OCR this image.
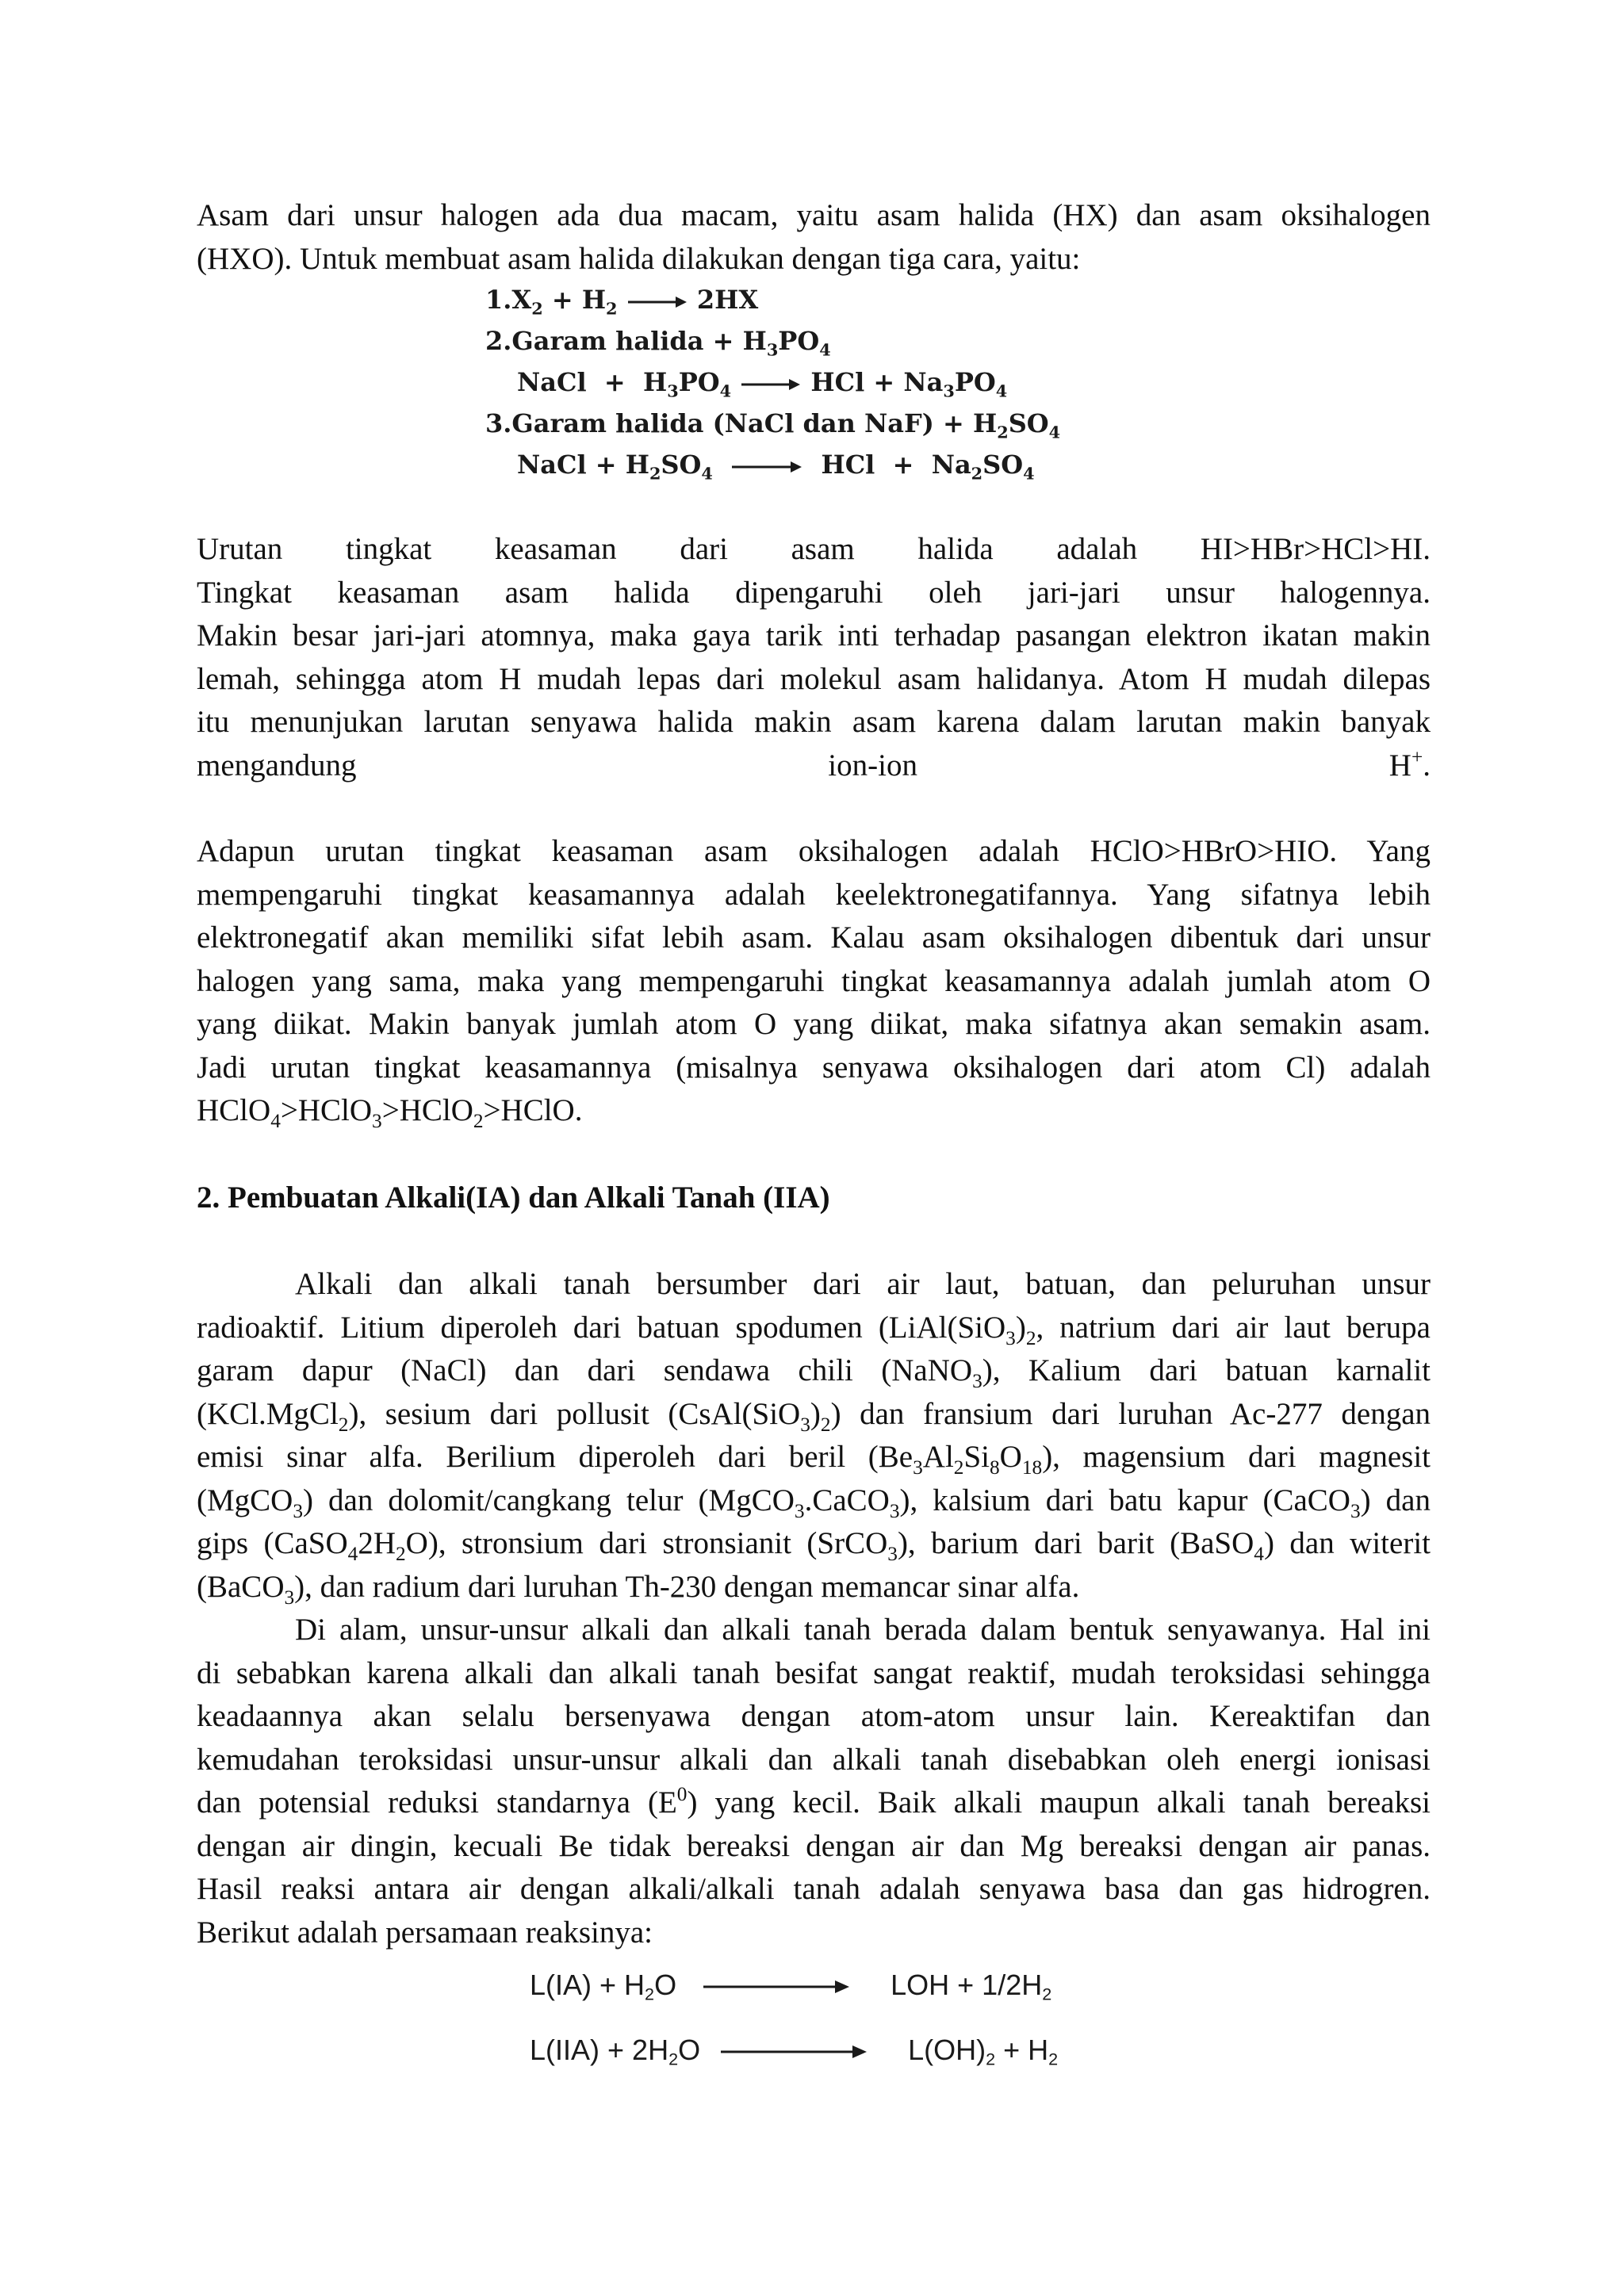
Asam dari unsur halogen ada dua macam, yaitu asam halida (HX) dan asam oksihalogen

(HXO). Untuk membuat asam halida dilakukan dengan tiga cara, yaitu:

$1.X_2 + H_2$	2HX
2.Garam halida + $H_3PO_4$
NaCl  +  $H_3PO_4$	HCl + $Na_3PO_4$
3.Garam halida (NaCl dan $NaF) + H_2SO_4$
NaCl + $H_2SO_4$	HCl  +  $Na_2SO_4$

Urutan tingkat keasaman dari asam halida adalah HI>HBr>HCl>HI.

Tingkat keasaman asam halida dipengaruhi oleh jari-jari unsur halogennya.

Makin besar jari-jari atomnya, maka gaya tarik inti terhadap pasangan elektron ikatan makin

lemah, sehingga atom H mudah lepas dari molekul asam halidanya. Atom H mudah dilepas

itu menunjukan larutan senyawa halida makin asam karena dalam larutan makin banyak

mengandung	ion-ion	H+.

Adapun urutan tingkat keasaman asam oksihalogen adalah HClO>HBrO>HIO. Yang

mempengaruhi tingkat keasamannya adalah keelektronegatifannya. Yang sifatnya lebih

elektronegatif akan memiliki sifat lebih asam. Kalau asam oksihalogen dibentuk dari unsur

halogen yang sama, maka yang mempengaruhi tingkat keasamannya adalah jumlah atom O

yang diikat. Makin banyak jumlah atom O yang diikat, maka sifatnya akan semakin asam.

Jadi urutan tingkat keasamannya (misalnya senyawa oksihalogen dari atom Cl) adalah

HClO$_4$>HClO$_3$>HClO$_2$>HClO.

2. Pembuatan Alkali(IA) dan Alkali Tanah (IIA)

Alkali dan alkali tanah bersumber dari air laut, batuan, dan peluruhan unsur

radioaktif. Litium diperoleh dari batuan spodumen ($LiAl(SiO_3)_2$, natrium dari air laut berupa

garam dapur (NaCl) dan dari sendawa chili (NaNO$_3$), Kalium dari batuan karnalit

(KCl.MgCl$_2$), sesium dari pollusit $(CsAl(SiO_3)_2)$ dan fransium dari luruhan Ac-277 dengan

emisi sinar alfa. Berilium diperoleh dari beril $(Be_3Al_2Si_8O_{18})$, magensium dari magnesit

(MgCO$_3$) dan dolomit/cangkang telur (MgCO$_3$.CaCO$_3$), kalsium dari batu kapur (CaCO$_3$) dan

gips $(CaSO_42H_2O)$, stronsium dari stronsianit (SrCO$_3$), barium dari barit (BaSO$_4$) dan witerit

(BaCO$_3$), dan radium dari luruhan Th-230 dengan memancar sinar alfa.

Di alam, unsur-unsur alkali dan alkali tanah berada dalam bentuk senyawanya. Hal ini

di sebabkan karena alkali dan alkali tanah besifat sangat reaktif, mudah teroksidasi sehingga

keadaannya akan selalu bersenyawa dengan atom-atom unsur lain. Kereaktifan dan

kemudahan teroksidasi unsur-unsur alkali dan alkali tanah disebabkan oleh energi ionisasi

dan potensial reduksi standarnya $(E^0)$ yang kecil. Baik alkali maupun alkali tanah bereaksi

dengan air dingin, kecuali Be tidak bereaksi dengan air dan Mg bereaksi dengan air panas.

Hasil reaksi antara air dengan alkali/alkali tanah adalah senyawa basa dan gas hidrogren.

Berikut adalah persamaan reaksinya:

L(IA) + H2O	LOH + 1/2H2
L(IIA) + 2H2O	L(OH)2 + H2
